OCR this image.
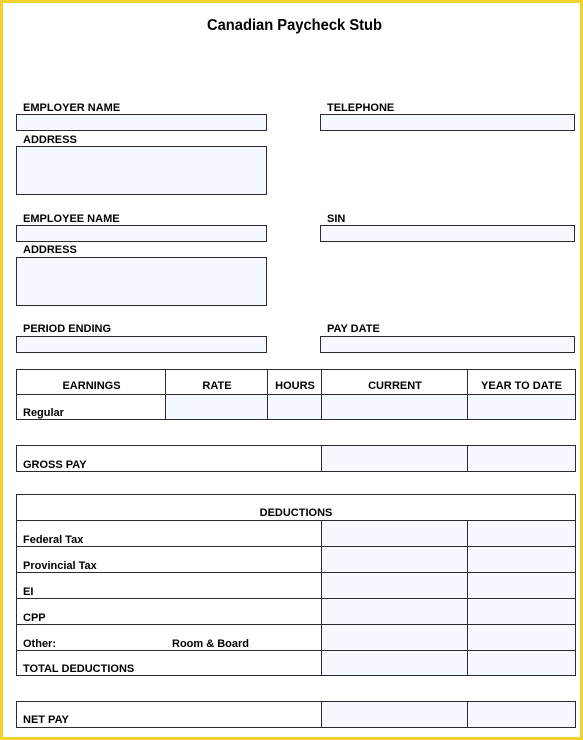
Canadian Paycheck Stub
EMPLOYER NAME	TELEPHONE
ADDRESS
EMPLOYEE NAME	SIN
ADDRESS
PERIOD ENDING	PAY DATE
EARNINGS	RATE	HOURS	CURRENT	YEAR TO DATE
Regular
GROSS PAY
DEDUCTIONS
Federal Tax
Provincial Tax
EI
CPP
Other:	Room & Board
TOTAL DEDUCTIONS
NET PAY
